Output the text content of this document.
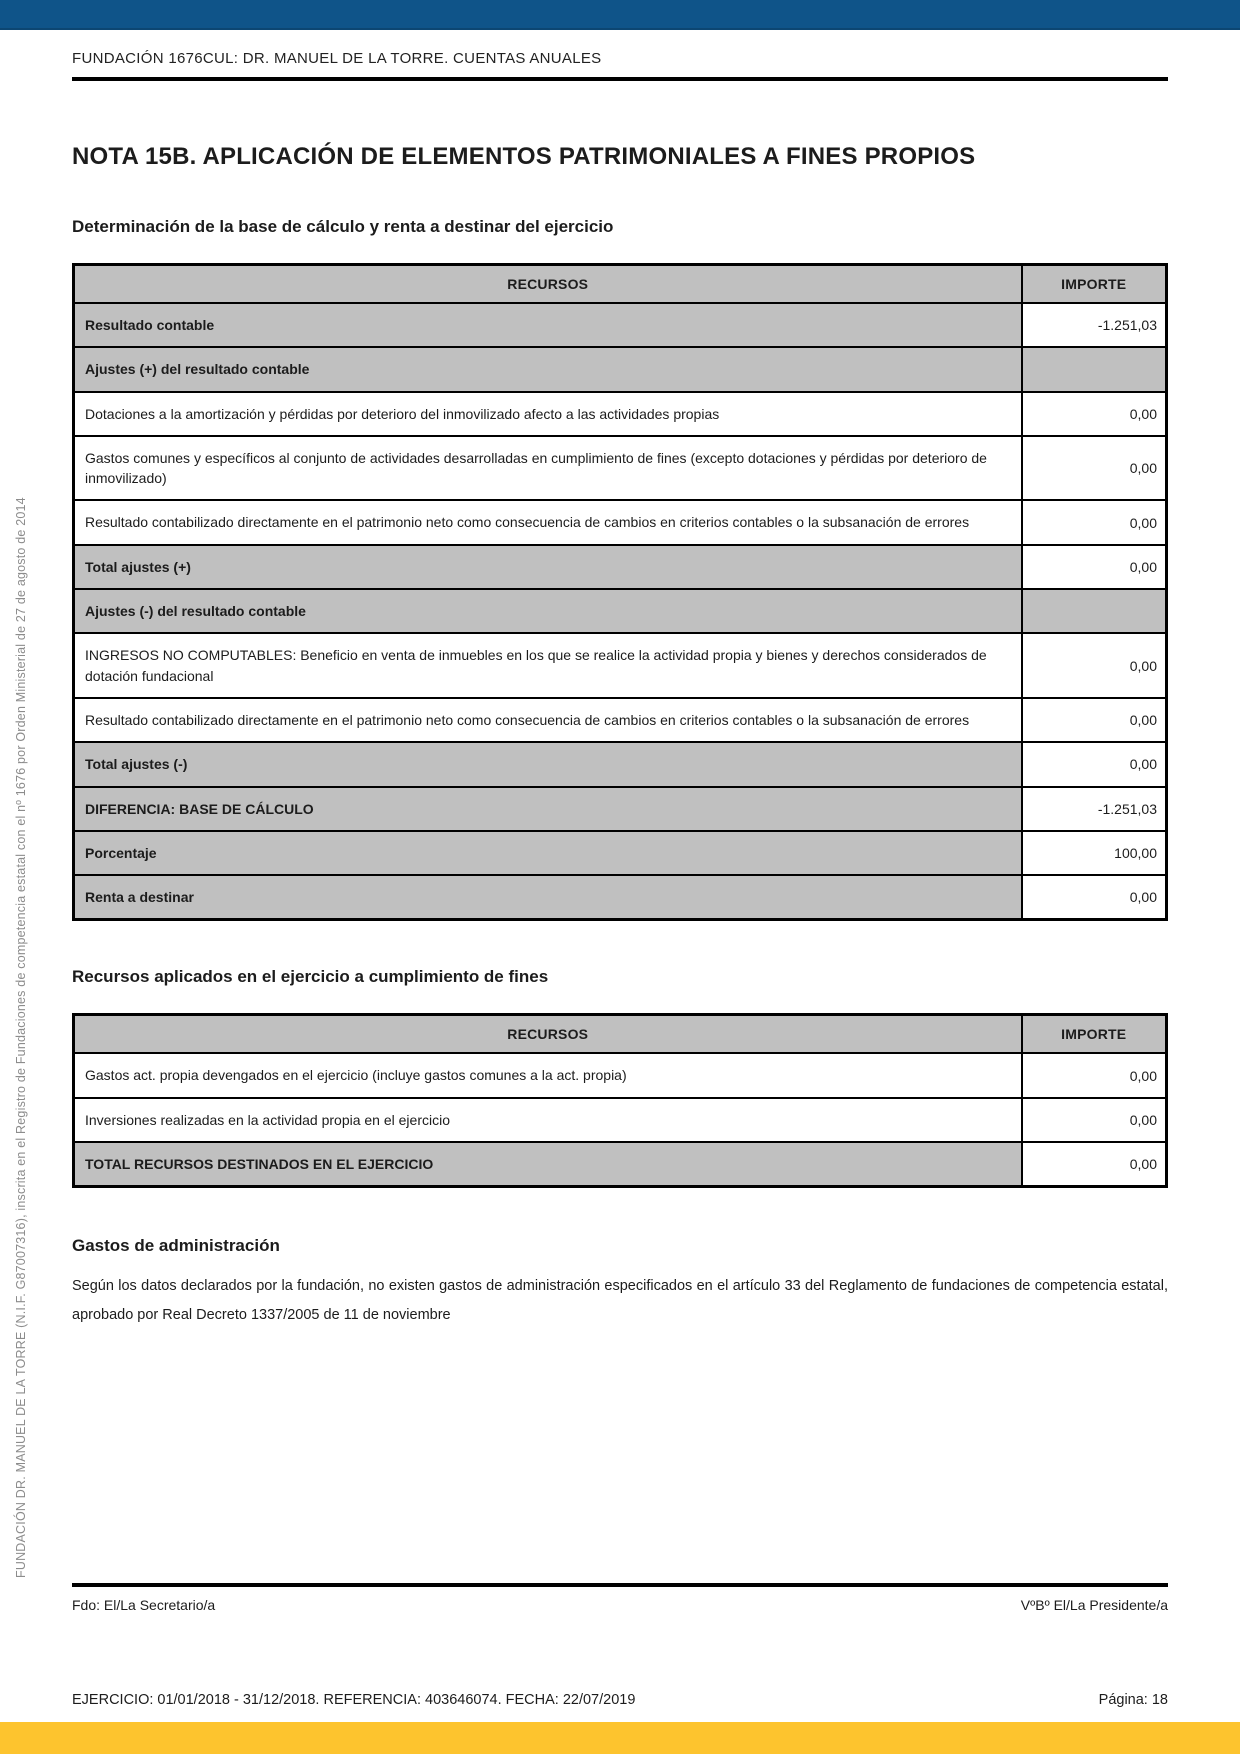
FUNDACIÓN DR. MANUEL DE LA TORRE (N.I.F. G87007316), inscrita en el Registro de Fundaciones de competencia estatal con el nº 1676 por Orden Ministerial de 27 de agosto de 2014
FUNDACIÓN 1676CUL: DR. MANUEL DE LA TORRE. CUENTAS ANUALES
NOTA 15B. APLICACIÓN DE ELEMENTOS PATRIMONIALES A FINES PROPIOS
Determinación de la base de cálculo y renta a destinar del ejercicio
RECURSOS	IMPORTE
Resultado contable	-1.251,03
Ajustes (+) del resultado contable	
Dotaciones a la amortización y pérdidas por deterioro del inmovilizado afecto a las actividades propias	0,00
Gastos comunes y específicos al conjunto de actividades desarrolladas en cumplimiento de fines (excepto dotaciones y pérdidas por deterioro de inmovilizado)	0,00
Resultado contabilizado directamente en el patrimonio neto como consecuencia de cambios en criterios contables o la subsanación de errores	0,00
Total ajustes (+)	0,00
Ajustes (-) del resultado contable	
INGRESOS NO COMPUTABLES: Beneficio en venta de inmuebles en los que se realice la actividad propia y bienes y derechos considerados de dotación fundacional	0,00
Resultado contabilizado directamente en el patrimonio neto como consecuencia de cambios en criterios contables o la subsanación de errores	0,00
Total ajustes (-)	0,00
DIFERENCIA: BASE DE CÁLCULO	-1.251,03
Porcentaje	100,00
Renta a destinar	0,00
Recursos aplicados en el ejercicio a cumplimiento de fines
RECURSOS	IMPORTE
Gastos act. propia devengados en el ejercicio (incluye gastos comunes a la act. propia)	0,00
Inversiones realizadas en la actividad propia en el ejercicio	0,00
TOTAL RECURSOS DESTINADOS EN EL EJERCICIO	0,00
Gastos de administración

Según los datos declarados por la fundación, no existen gastos de administración especificados en el artículo 33 del Reglamento de fundaciones de competencia estatal, aprobado por Real Decreto 1337/2005 de 11 de noviembre

Fdo: El/La Secretario/a	VºBº El/La Presidente/a
EJERCICIO: 01/01/2018 - 31/12/2018. REFERENCIA: 403646074. FECHA: 22/07/2019	Página: 18
